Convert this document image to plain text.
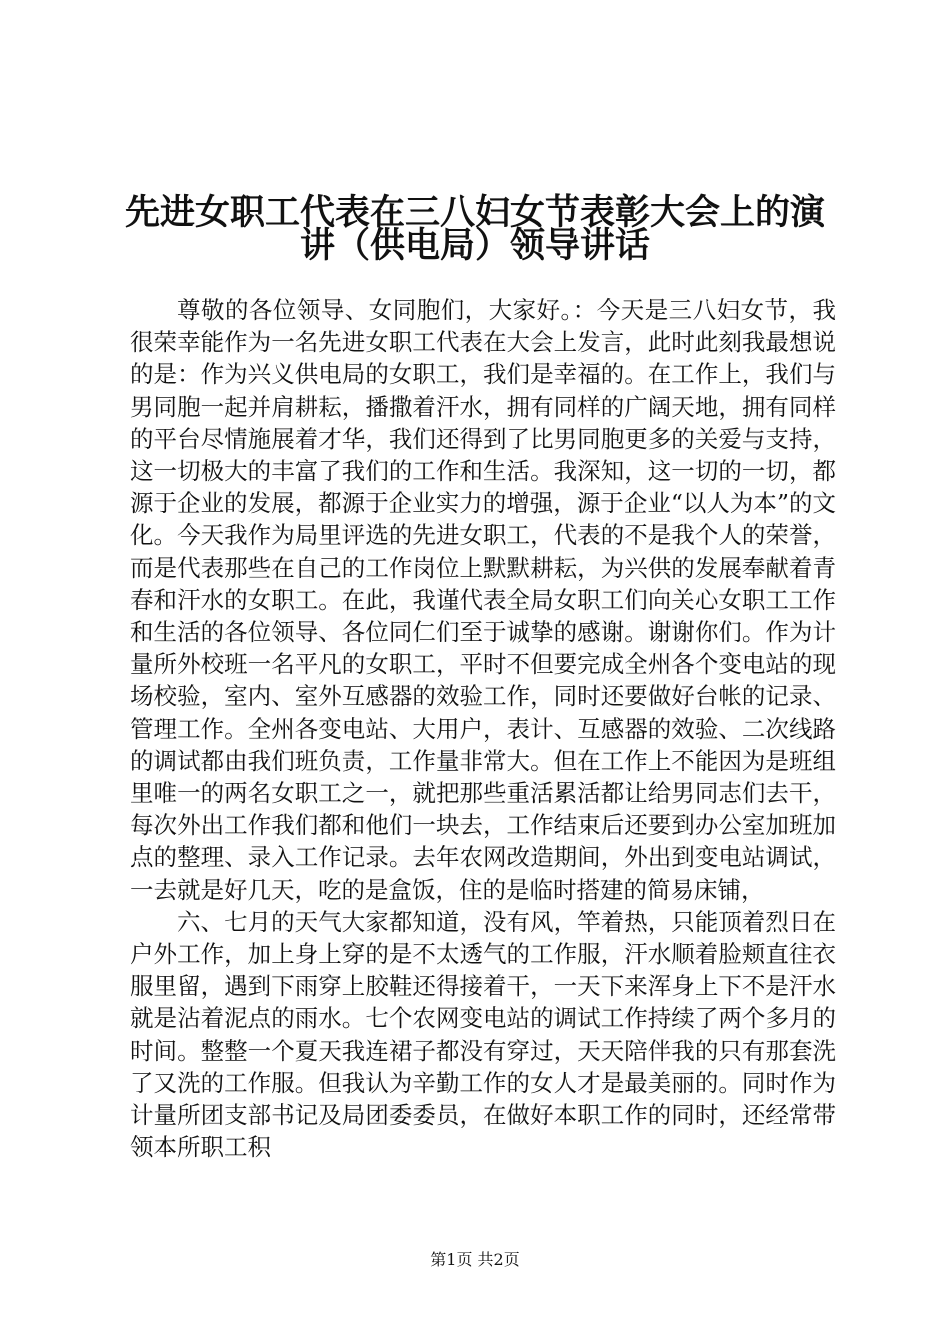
先进女职工代表在三八妇女节表彰大会上的演
讲（供电局）领导讲话

尊敬的各位领导、女同胞们，大家好。：今天是三八妇女节，我很荣幸能作为一名先进女职工代表在大会上发言，此时此刻我最想说的是：作为兴义供电局的女职工，我们是幸福的。在工作上，我们与男同胞一起并肩耕耘，播撒着汗水，拥有同样的广阔天地，拥有同样的平台尽情施展着才华，我们还得到了比男同胞更多的关爱与支持，这一切极大的丰富了我们的工作和生活。我深知，这一切的一切，都源于企业的发展，都源于企业实力的增强，源于企业“以人为本”的文化。今天我作为局里评选的先进女职工，代表的不是我个人的荣誉，而是代表那些在自己的工作岗位上默默耕耘，为兴供的发展奉献着青春和汗水的女职工。在此，我谨代表全局女职工们向关心女职工工作和生活的各位领导、各位同仁们至于诚挚的感谢。谢谢你们。作为计量所外校班一名平凡的女职工，平时不但要完成全州各个变电站的现场校验，室内、室外互感器的效验工作，同时还要做好台帐的记录、管理工作。全州各变电站、大用户，表计、互感器的效验、二次线路的调试都由我们班负责，工作量非常大。但在工作上不能因为是班组里唯一的两名女职工之一，就把那些重活累活都让给男同志们去干，每次外出工作我们都和他们一块去，工作结束后还要到办公室加班加点的整理、录入工作记录。去年农网改造期间，外出到变电站调试，一去就是好几天，吃的是盒饭，住的是临时搭建的简易床铺，

六、七月的天气大家都知道，没有风，竿着热，只能顶着烈日在户外工作，加上身上穿的是不太透气的工作服，汗水顺着脸颊直往衣服里留，遇到下雨穿上胶鞋还得接着干，一天下来浑身上下不是汗水就是沾着泥点的雨水。七个农网变电站的调试工作持续了两个多月的时间。整整一个夏天我连裙子都没有穿过，天天陪伴我的只有那套洗了又洗的工作服。但我认为辛勤工作的女人才是最美丽的。同时作为计量所团支部书记及局团委委员，在做好本职工作的同时，还经常带领本所职工积

第1页 共2页
